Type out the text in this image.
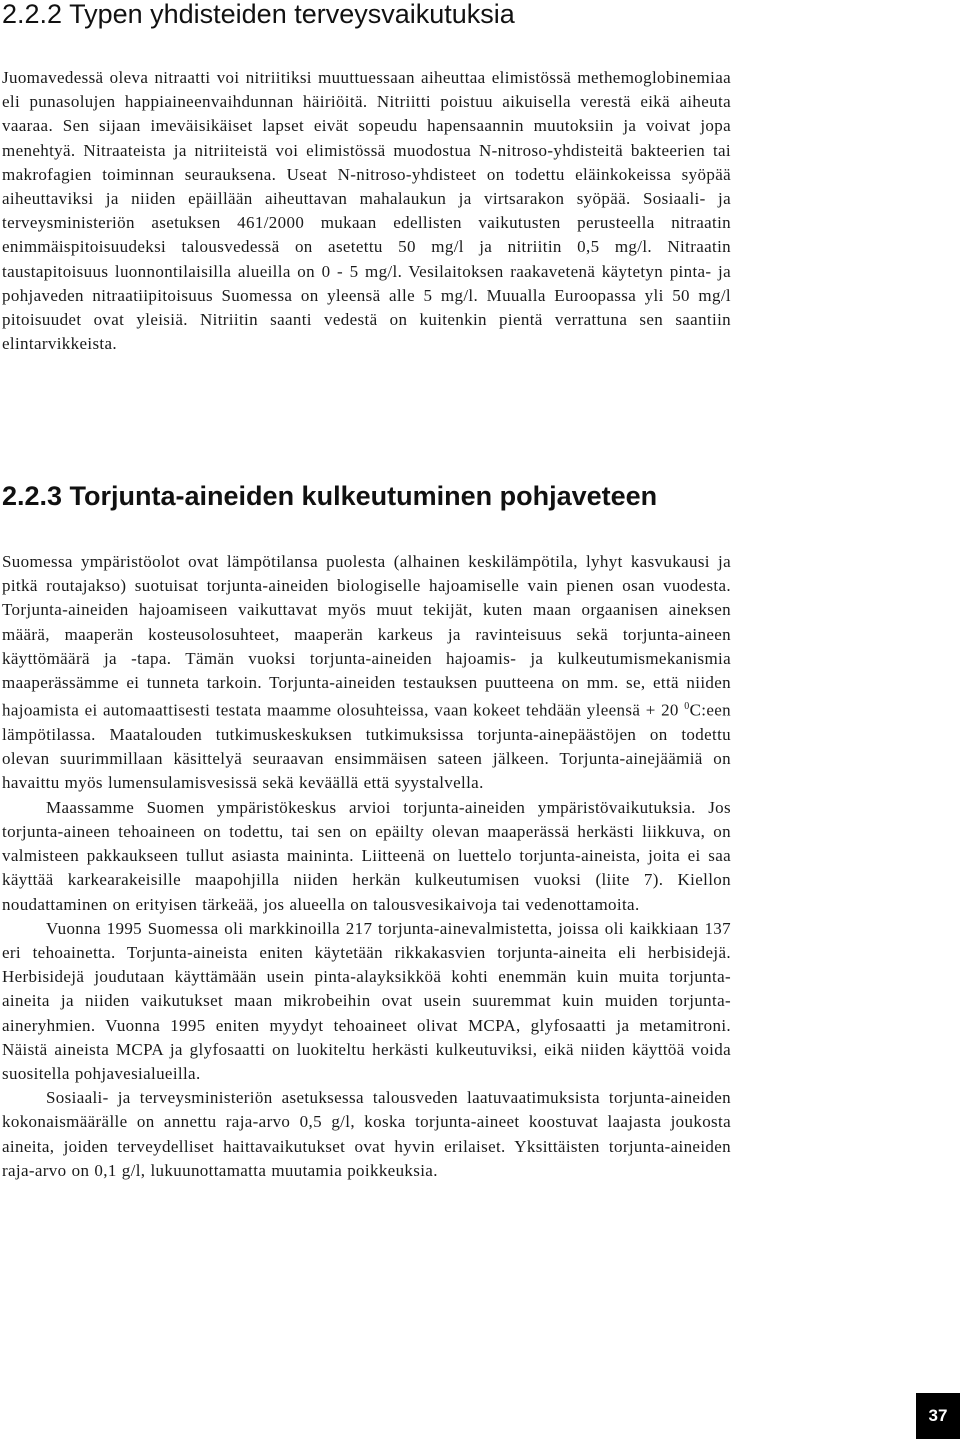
2.2.2 Typen yhdisteiden terveysvaikutuksia

Juomavedessä oleva nitraatti voi nitriitiksi muuttuessaan aiheuttaa elimistössä methemoglobinemiaa eli punasolujen happiaineenvaihdunnan häiriöitä. Nitriitti poistuu aikuisella verestä eikä aiheuta vaaraa. Sen sijaan imeväisikäiset lapset eivät sopeudu hapensaannin muutoksiin ja voivat jopa menehtyä. Nitraateista ja nitriiteistä voi elimistössä muodostua N-nitroso-yhdisteitä bakteerien tai makrofagien toiminnan seurauksena. Useat N-nitroso-yhdisteet on todettu eläinkokeissa syöpää aiheuttaviksi ja niiden epäillään aiheuttavan mahalaukun ja virtsarakon syöpää. Sosiaali- ja terveysministeriön asetuksen 461/2000 mukaan edellisten vaikutusten perusteella nitraatin enimmäispitoisuudeksi talousvedessä on asetettu 50 mg/l ja nitriitin 0,5 mg/l. Nitraatin taustapitoisuus luonnontilaisilla alueilla on 0 - 5 mg/l. Vesilaitoksen raakavetenä käytetyn pinta- ja pohjaveden nitraatiipitoisuus Suomessa on yleensä alle 5 mg/l. Muualla Euroopassa yli 50 mg/l pitoisuudet ovat yleisiä. Nitriitin saanti vedestä on kuitenkin pientä verrattuna sen saantiin elintarvikkeista.

2.2.3 Torjunta-aineiden kulkeutuminen pohjaveteen

Suomessa ympäristöolot ovat lämpötilansa puolesta (alhainen keskilämpötila, lyhyt kasvukausi ja pitkä routajakso) suotuisat torjunta-aineiden biologiselle hajoamiselle vain pienen osan vuodesta. Torjunta-aineiden hajoamiseen vaikuttavat myös muut tekijät, kuten maan orgaanisen aineksen määrä, maaperän kosteusolosuhteet, maaperän karkeus ja ravinteisuus sekä torjunta-aineen käyttömäärä ja -tapa. Tämän vuoksi torjunta-aineiden hajoamis- ja kulkeutumismekanismia maaperässämme ei tunneta tarkoin. Torjunta-aineiden testauksen puutteena on mm. se, että niiden hajoamista ei automaattisesti testata maamme olosuhteissa, vaan kokeet tehdään yleensä + 20 $^0$C:een lämpötilassa. Maatalouden tutkimuskeskuksen tutkimuksissa torjunta-ainepäästöjen on todettu olevan suurimmillaan käsittelyä seuraavan ensimmäisen sateen jälkeen. Torjunta-ainejäämiä on havaittu myös lumensulamisvesissä sekä keväällä että syystalvella.

Maassamme Suomen ympäristökeskus arvioi torjunta-aineiden ympäristövaikutuksia. Jos torjunta-aineen tehoaineen on todettu, tai sen on epäilty olevan maaperässä herkästi liikkuva, on valmisteen pakkaukseen tullut asiasta maininta. Liitteenä on luettelo torjunta-aineista, joita ei saa käyttää karkearakeisille maapohjilla niiden herkän kulkeutumisen vuoksi (liite 7). Kiellon noudattaminen on erityisen tärkeää, jos alueella on talousvesikaivoja tai vedenottamoita.

Vuonna 1995 Suomessa oli markkinoilla 217 torjunta-ainevalmistetta, joissa oli kaikkiaan 137 eri tehoainetta. Torjunta-aineista eniten käytetään rikkakasvien torjunta-aineita eli herbisidejä. Herbisidejä joudutaan käyttämään usein pinta-alayksikköä kohti enemmän kuin muita torjunta-aineita ja niiden vaikutukset maan mikrobeihin ovat usein suuremmat kuin muiden torjunta-aineryhmien. Vuonna 1995 eniten myydyt tehoaineet olivat MCPA, glyfosaatti ja metamitroni. Näistä aineista MCPA ja glyfosaatti on luokiteltu herkästi kulkeutuviksi, eikä niiden käyttöä voida suositella pohjavesialueilla.

Sosiaali- ja terveysministeriön asetuksessa talousveden laatuvaatimuksista torjunta-aineiden kokonaismäärälle on annettu raja-arvo 0,5 g/l, koska torjunta-aineet koostuvat laajasta joukosta aineita, joiden terveydelliset haittavaikutukset ovat hyvin erilaiset. Yksittäisten torjunta-aineiden raja-arvo on 0,1 g/l, lukuunottamatta muutamia poikkeuksia.

37
